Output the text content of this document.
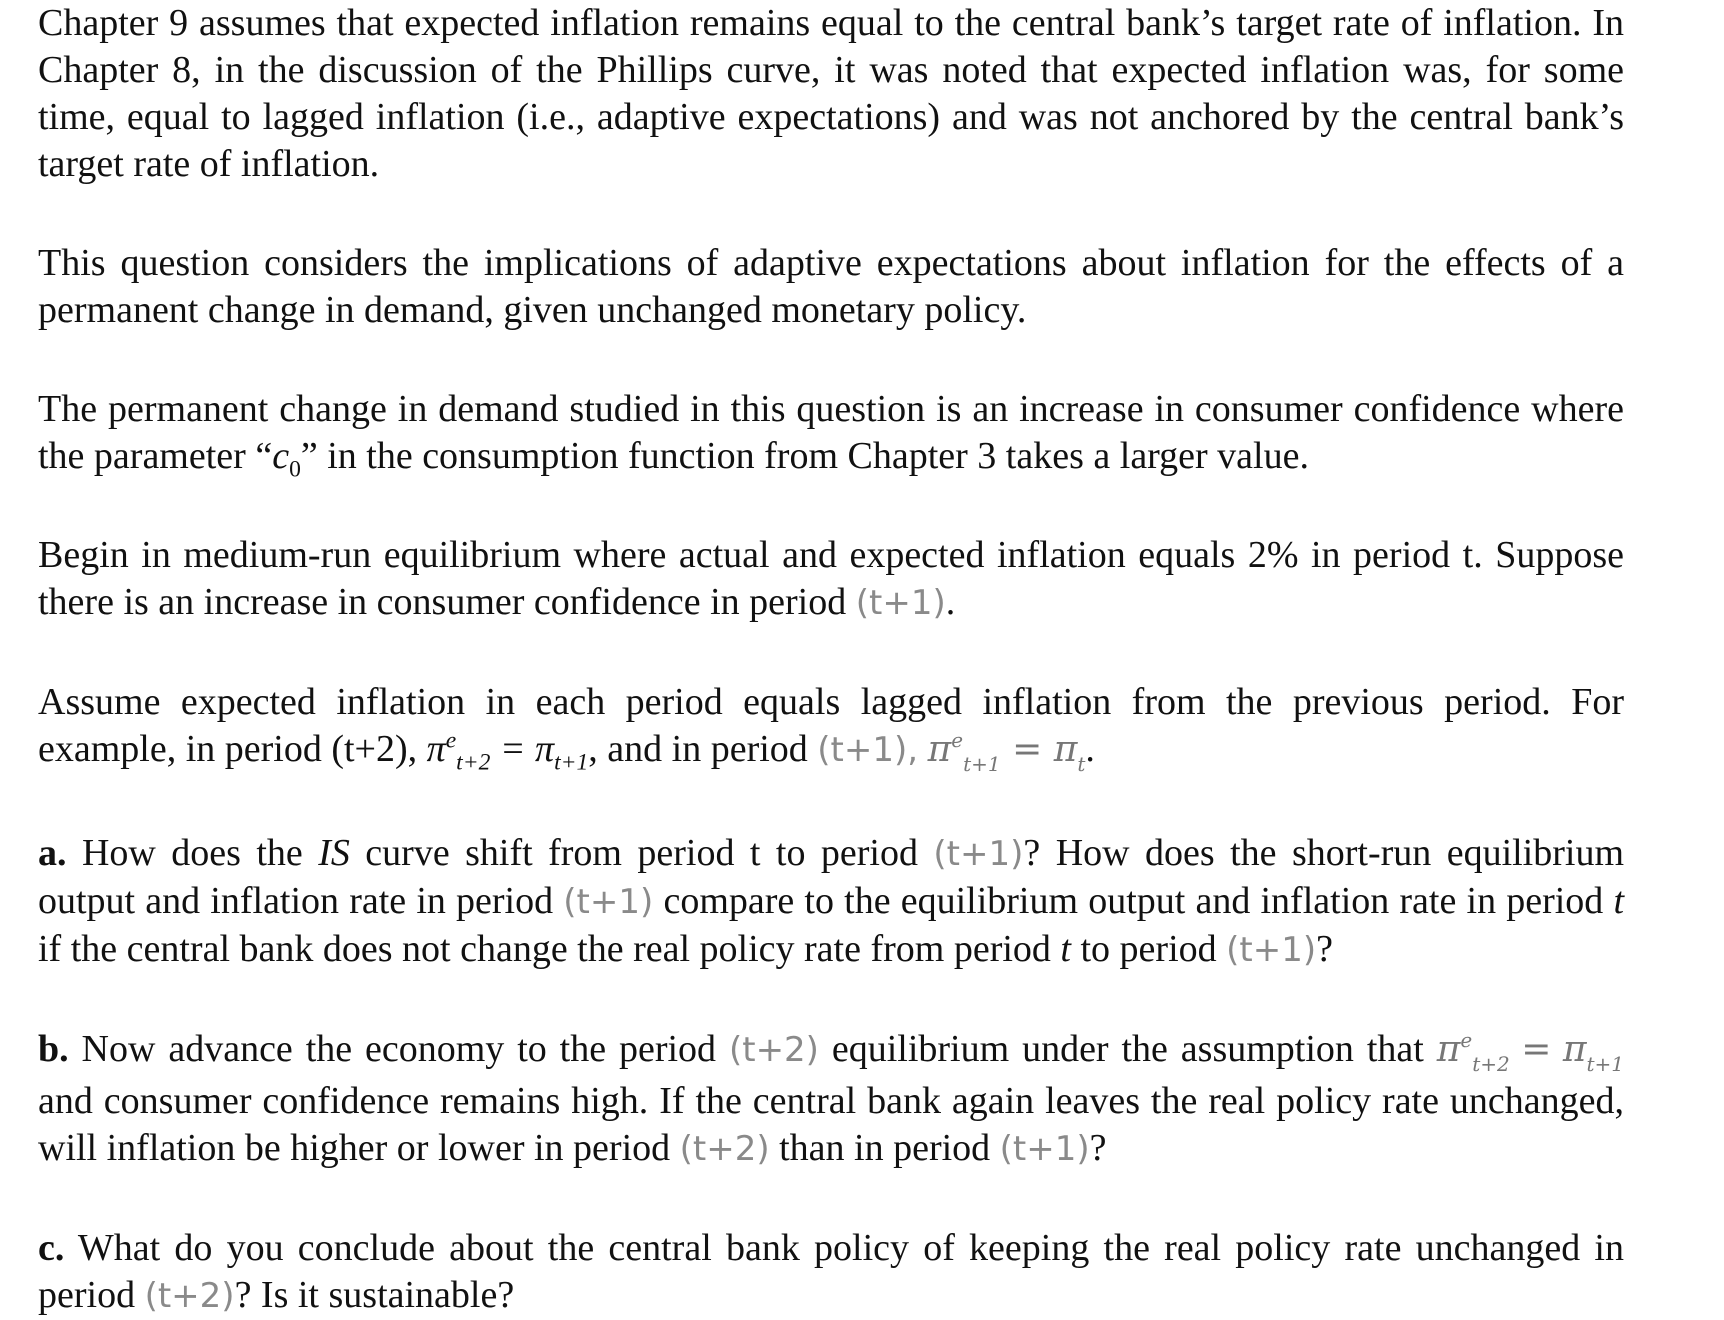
Chapter 9 assumes that expected inflation remains equal to the central bank’s target rate of inflation. In Chapter 8, in the discussion of the Phillips curve, it was noted that expected inflation was, for some time, equal to lagged inflation (i.e., adaptive expectations) and was not anchored by the central bank’s target rate of inflation.

This question considers the implications of adaptive expectations about inflation for the effects of a permanent change in demand, given unchanged monetary policy.

The permanent change in demand studied in this question is an increase in consumer confidence where the parameter “$c_0$” in the consumption function from Chapter 3 takes a larger value.

Begin in medium-run equilibrium where actual and expected inflation equals 2% in period t. Suppose there is an increase in consumer confidence in period (t+1).

Assume expected inflation in each period equals lagged inflation from the previous period. For example, in period (t+2), $\pi^e_{t+2} = \pi_{t+1}$, and in period (t+1), $\pi^e_{t+1} = \pi_t$.

a. How does the IS curve shift from period t to period (t+1)? How does the short-run equilibrium output and inflation rate in period (t+1) compare to the equilibrium output and inflation rate in period t if the central bank does not change the real policy rate from period t to period (t+1)?

b. Now advance the economy to the period (t+2) equilibrium under the assumption that $\pi^e_{t+2} = \pi_{t+1}$ and consumer confidence remains high. If the central bank again leaves the real policy rate unchanged, will inflation be higher or lower in period (t+2) than in period (t+1)?

c. What do you conclude about the central bank policy of keeping the real policy rate unchanged in period (t+2)? Is it sustainable?
